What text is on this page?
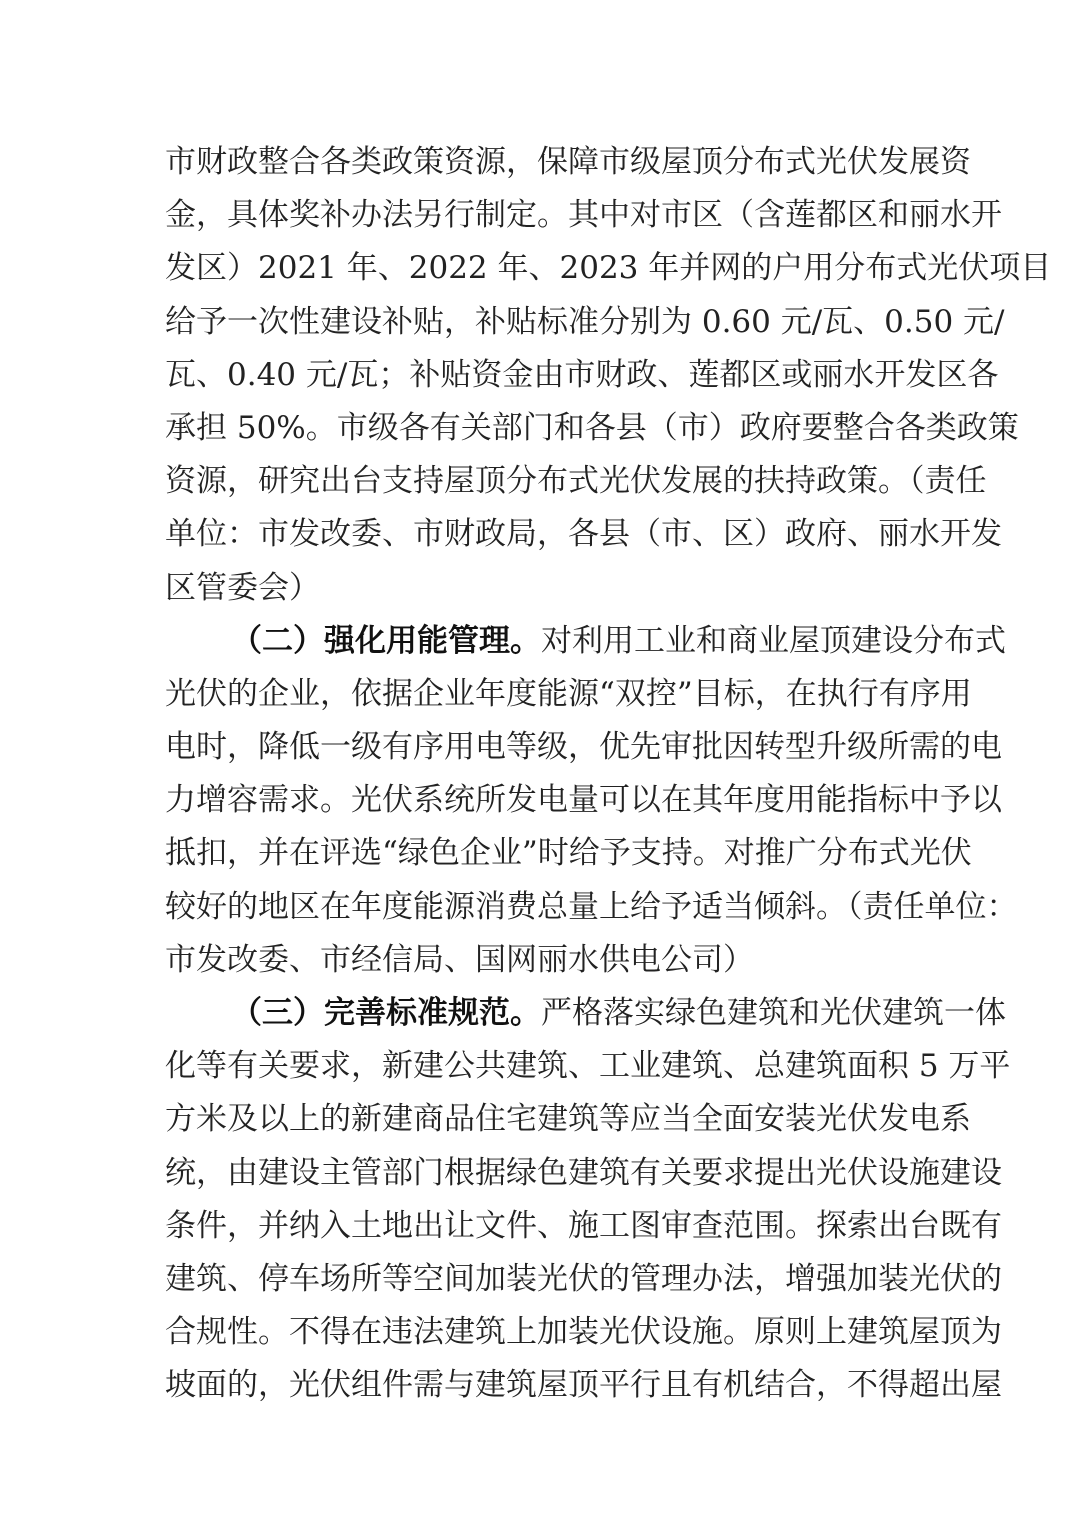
市财政整合各类政策资源，保障市级屋顶分布式光伏发展资
金，具体奖补办法另行制定。其中对市区（含莲都区和丽水开
发区）2021 年、2022 年、2023 年并网的户用分布式光伏项目
给予一次性建设补贴，补贴标准分别为 0.60 元/瓦、0.50 元/
瓦、0.40 元/瓦；补贴资金由市财政、莲都区或丽水开发区各
承担 50%。市级各有关部门和各县（市）政府要整合各类政策
资源，研究出台支持屋顶分布式光伏发展的扶持政策。（责任
单位：市发改委、市财政局，各县（市、区）政府、丽水开发
区管委会）
（二）强化用能管理。对利用工业和商业屋顶建设分布式
光伏的企业，依据企业年度能源“双控”目标，在执行有序用
电时，降低一级有序用电等级，优先审批因转型升级所需的电
力增容需求。光伏系统所发电量可以在其年度用能指标中予以
抵扣，并在评选“绿色企业”时给予支持。对推广分布式光伏
较好的地区在年度能源消费总量上给予适当倾斜。（责任单位：
市发改委、市经信局、国网丽水供电公司）
（三）完善标准规范。严格落实绿色建筑和光伏建筑一体
化等有关要求，新建公共建筑、工业建筑、总建筑面积 5 万平
方米及以上的新建商品住宅建筑等应当全面安装光伏发电系
统，由建设主管部门根据绿色建筑有关要求提出光伏设施建设
条件，并纳入土地出让文件、施工图审查范围。探索出台既有
建筑、停车场所等空间加装光伏的管理办法，增强加装光伏的
合规性。不得在违法建筑上加装光伏设施。原则上建筑屋顶为
坡面的，光伏组件需与建筑屋顶平行且有机结合，不得超出屋
